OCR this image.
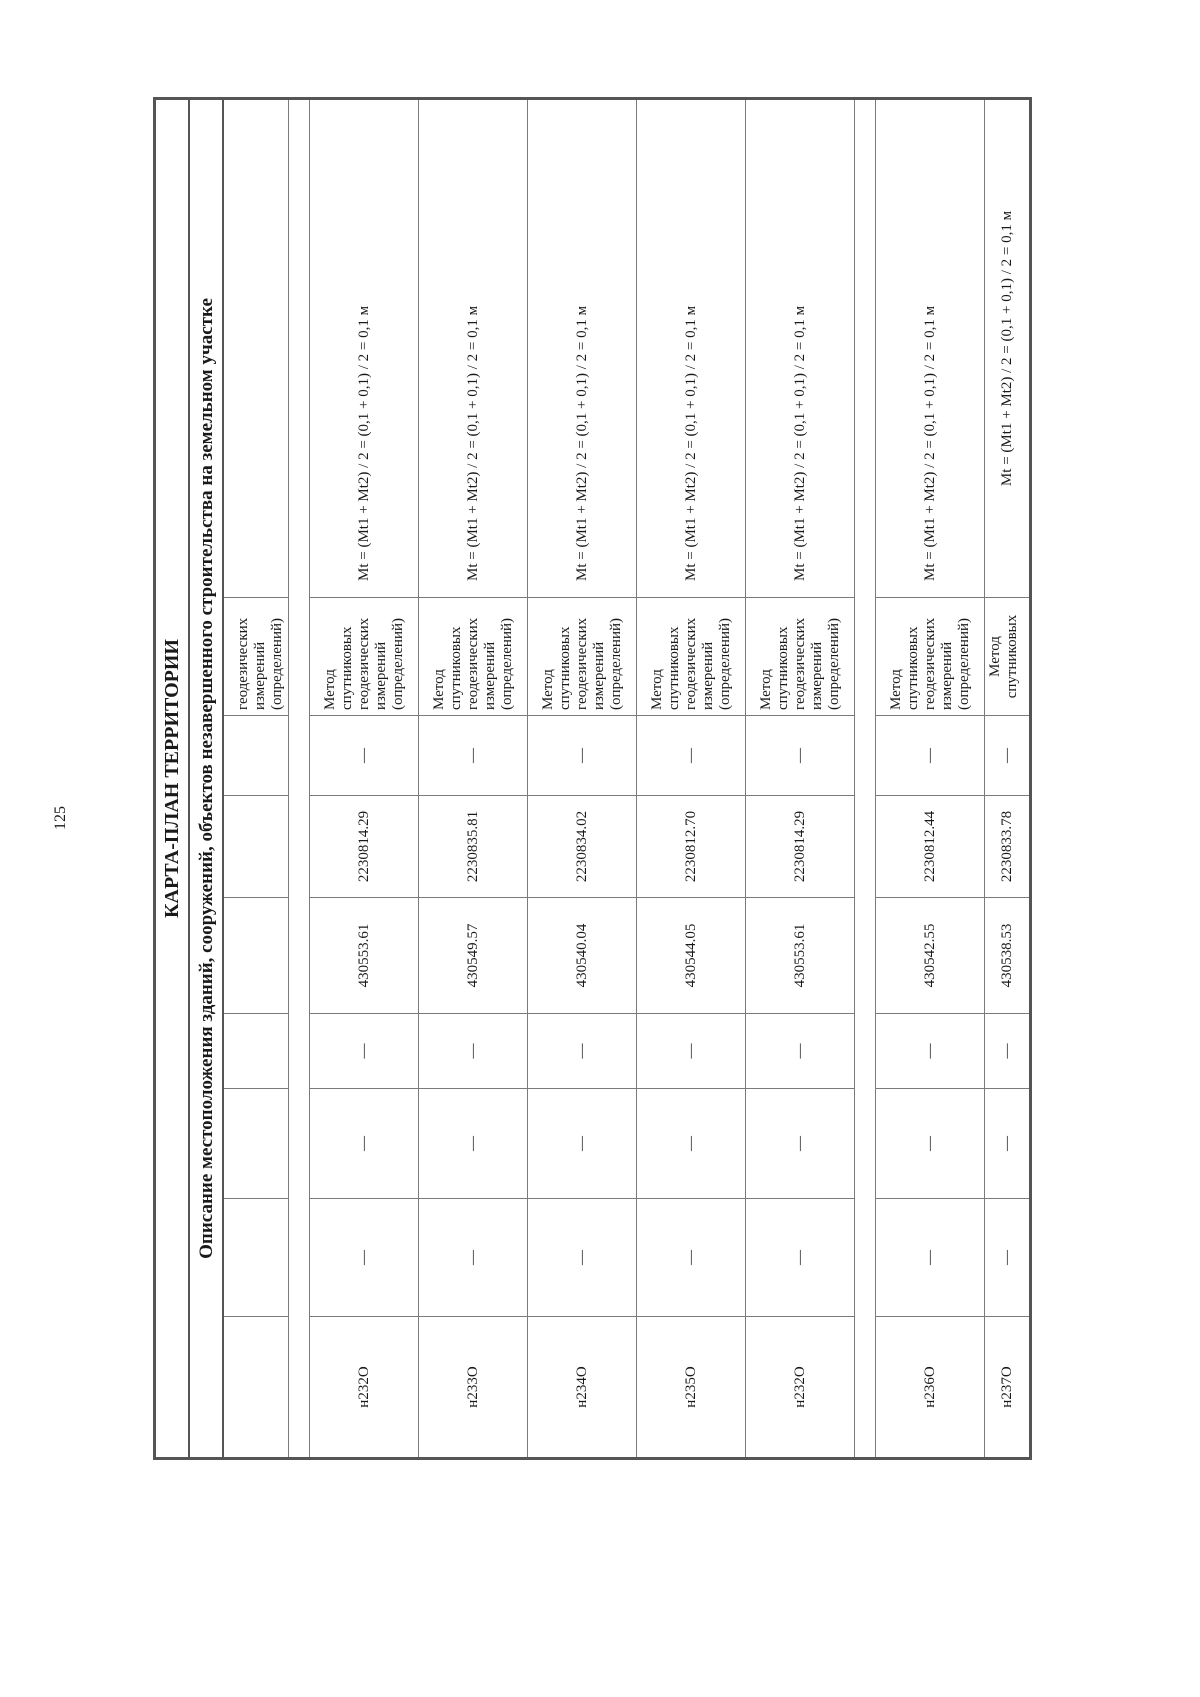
125	КАРТА-ПЛАН ТЕРРИТОРИИ								
Описание местоположения зданий, сооружений, объектов незавершенного строительства на земельном участке								
							геодезических измерений (определений)	

н232О	—	—	—	430553.61	2230814.29	—	Метод спутниковых геодезических измерений (определений)	Mt = (Mt1 + Mt2) / 2 = (0,1 + 0,1) / 2 = 0,1 м
н233О	—	—	—	430549.57	2230835.81	—	Метод спутниковых геодезических измерений (определений)	Mt = (Mt1 + Mt2) / 2 = (0,1 + 0,1) / 2 = 0,1 м
н234О	—	—	—	430540.04	2230834.02	—	Метод спутниковых геодезических измерений (определений)	Mt = (Mt1 + Mt2) / 2 = (0,1 + 0,1) / 2 = 0,1 м
н235О	—	—	—	430544.05	2230812.70	—	Метод спутниковых геодезических измерений (определений)	Mt = (Mt1 + Mt2) / 2 = (0,1 + 0,1) / 2 = 0,1 м
н232О	—	—	—	430553.61	2230814.29	—	Метод спутниковых геодезических измерений (определений)	Mt = (Mt1 + Mt2) / 2 = (0,1 + 0,1) / 2 = 0,1 м

н236О	—	—	—	430542.55	2230812.44	—	Метод спутниковых геодезических измерений (определений)	Mt = (Mt1 + Mt2) / 2 = (0,1 + 0,1) / 2 = 0,1 м
н237О	—	—	—	430538.53	2230833.78	—	Метод спутниковых	Mt = (Mt1 + Mt2) / 2 = (0,1 + 0,1) / 2 = 0,1 м
